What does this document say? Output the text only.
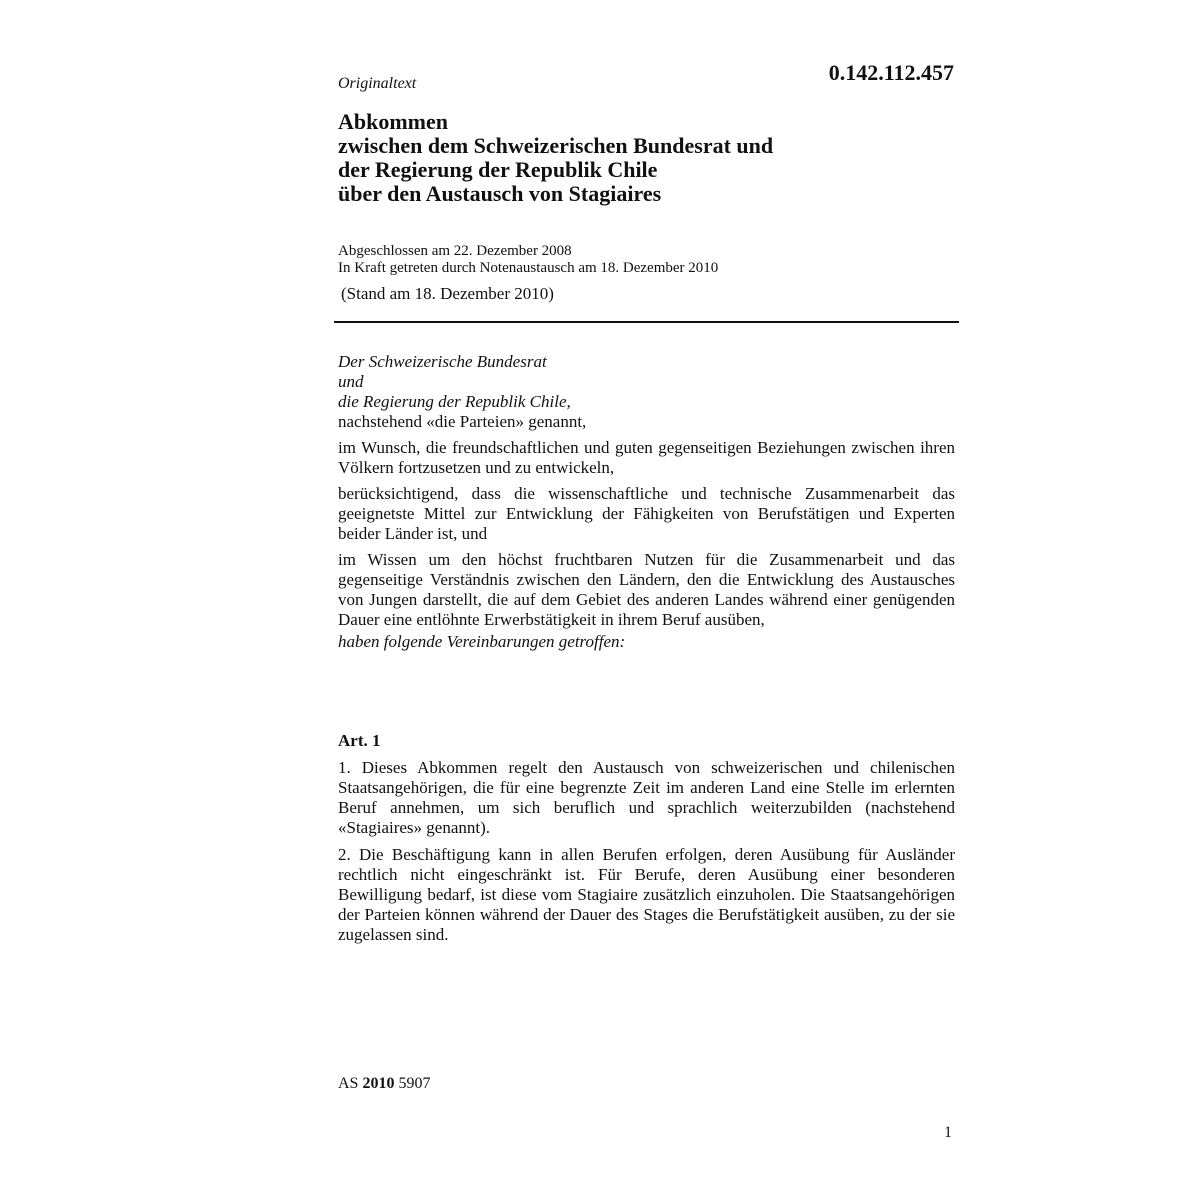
0.142.112.457
Originaltext
Abkommen
zwischen dem Schweizerischen Bundesrat und
der Regierung der Republik Chile
über den Austausch von Stagiaires
Abgeschlossen am 22. Dezember 2008
In Kraft getreten durch Notenaustausch am 18. Dezember 2010
(Stand am 18. Dezember 2010)
Der Schweizerische Bundesrat
und
die Regierung der Republik Chile,

nachstehend «die Parteien» genannt,

im Wunsch, die freundschaftlichen und guten gegenseitigen Beziehungen zwischen ihren Völkern fortzusetzen und zu entwickeln,

berücksichtigend, dass die wissenschaftliche und technische Zusammenarbeit das geeignetste Mittel zur Entwicklung der Fähigkeiten von Berufstätigen und Experten beider Länder ist, und

im Wissen um den höchst fruchtbaren Nutzen für die Zusammenarbeit und das gegenseitige Verständnis zwischen den Ländern, den die Entwicklung des Austausches von Jungen darstellt, die auf dem Gebiet des anderen Landes während einer genügenden Dauer eine entlöhnte Erwerbstätigkeit in ihrem Beruf ausüben,

haben folgende Vereinbarungen getroffen:

Art. 1

1. Dieses Abkommen regelt den Austausch von schweizerischen und chilenischen Staatsangehörigen, die für eine begrenzte Zeit im anderen Land eine Stelle im erlernten Beruf annehmen, um sich beruflich und sprachlich weiterzubilden (nachstehend «Stagiaires» genannt).

2. Die Beschäftigung kann in allen Berufen erfolgen, deren Ausübung für Ausländer rechtlich nicht eingeschränkt ist. Für Berufe, deren Ausübung einer besonderen Bewilligung bedarf, ist diese vom Stagiaire zusätzlich einzuholen. Die Staatsangehörigen der Parteien können während der Dauer des Stages die Berufstätigkeit ausüben, zu der sie zugelassen sind.

AS 2010 5907
1
